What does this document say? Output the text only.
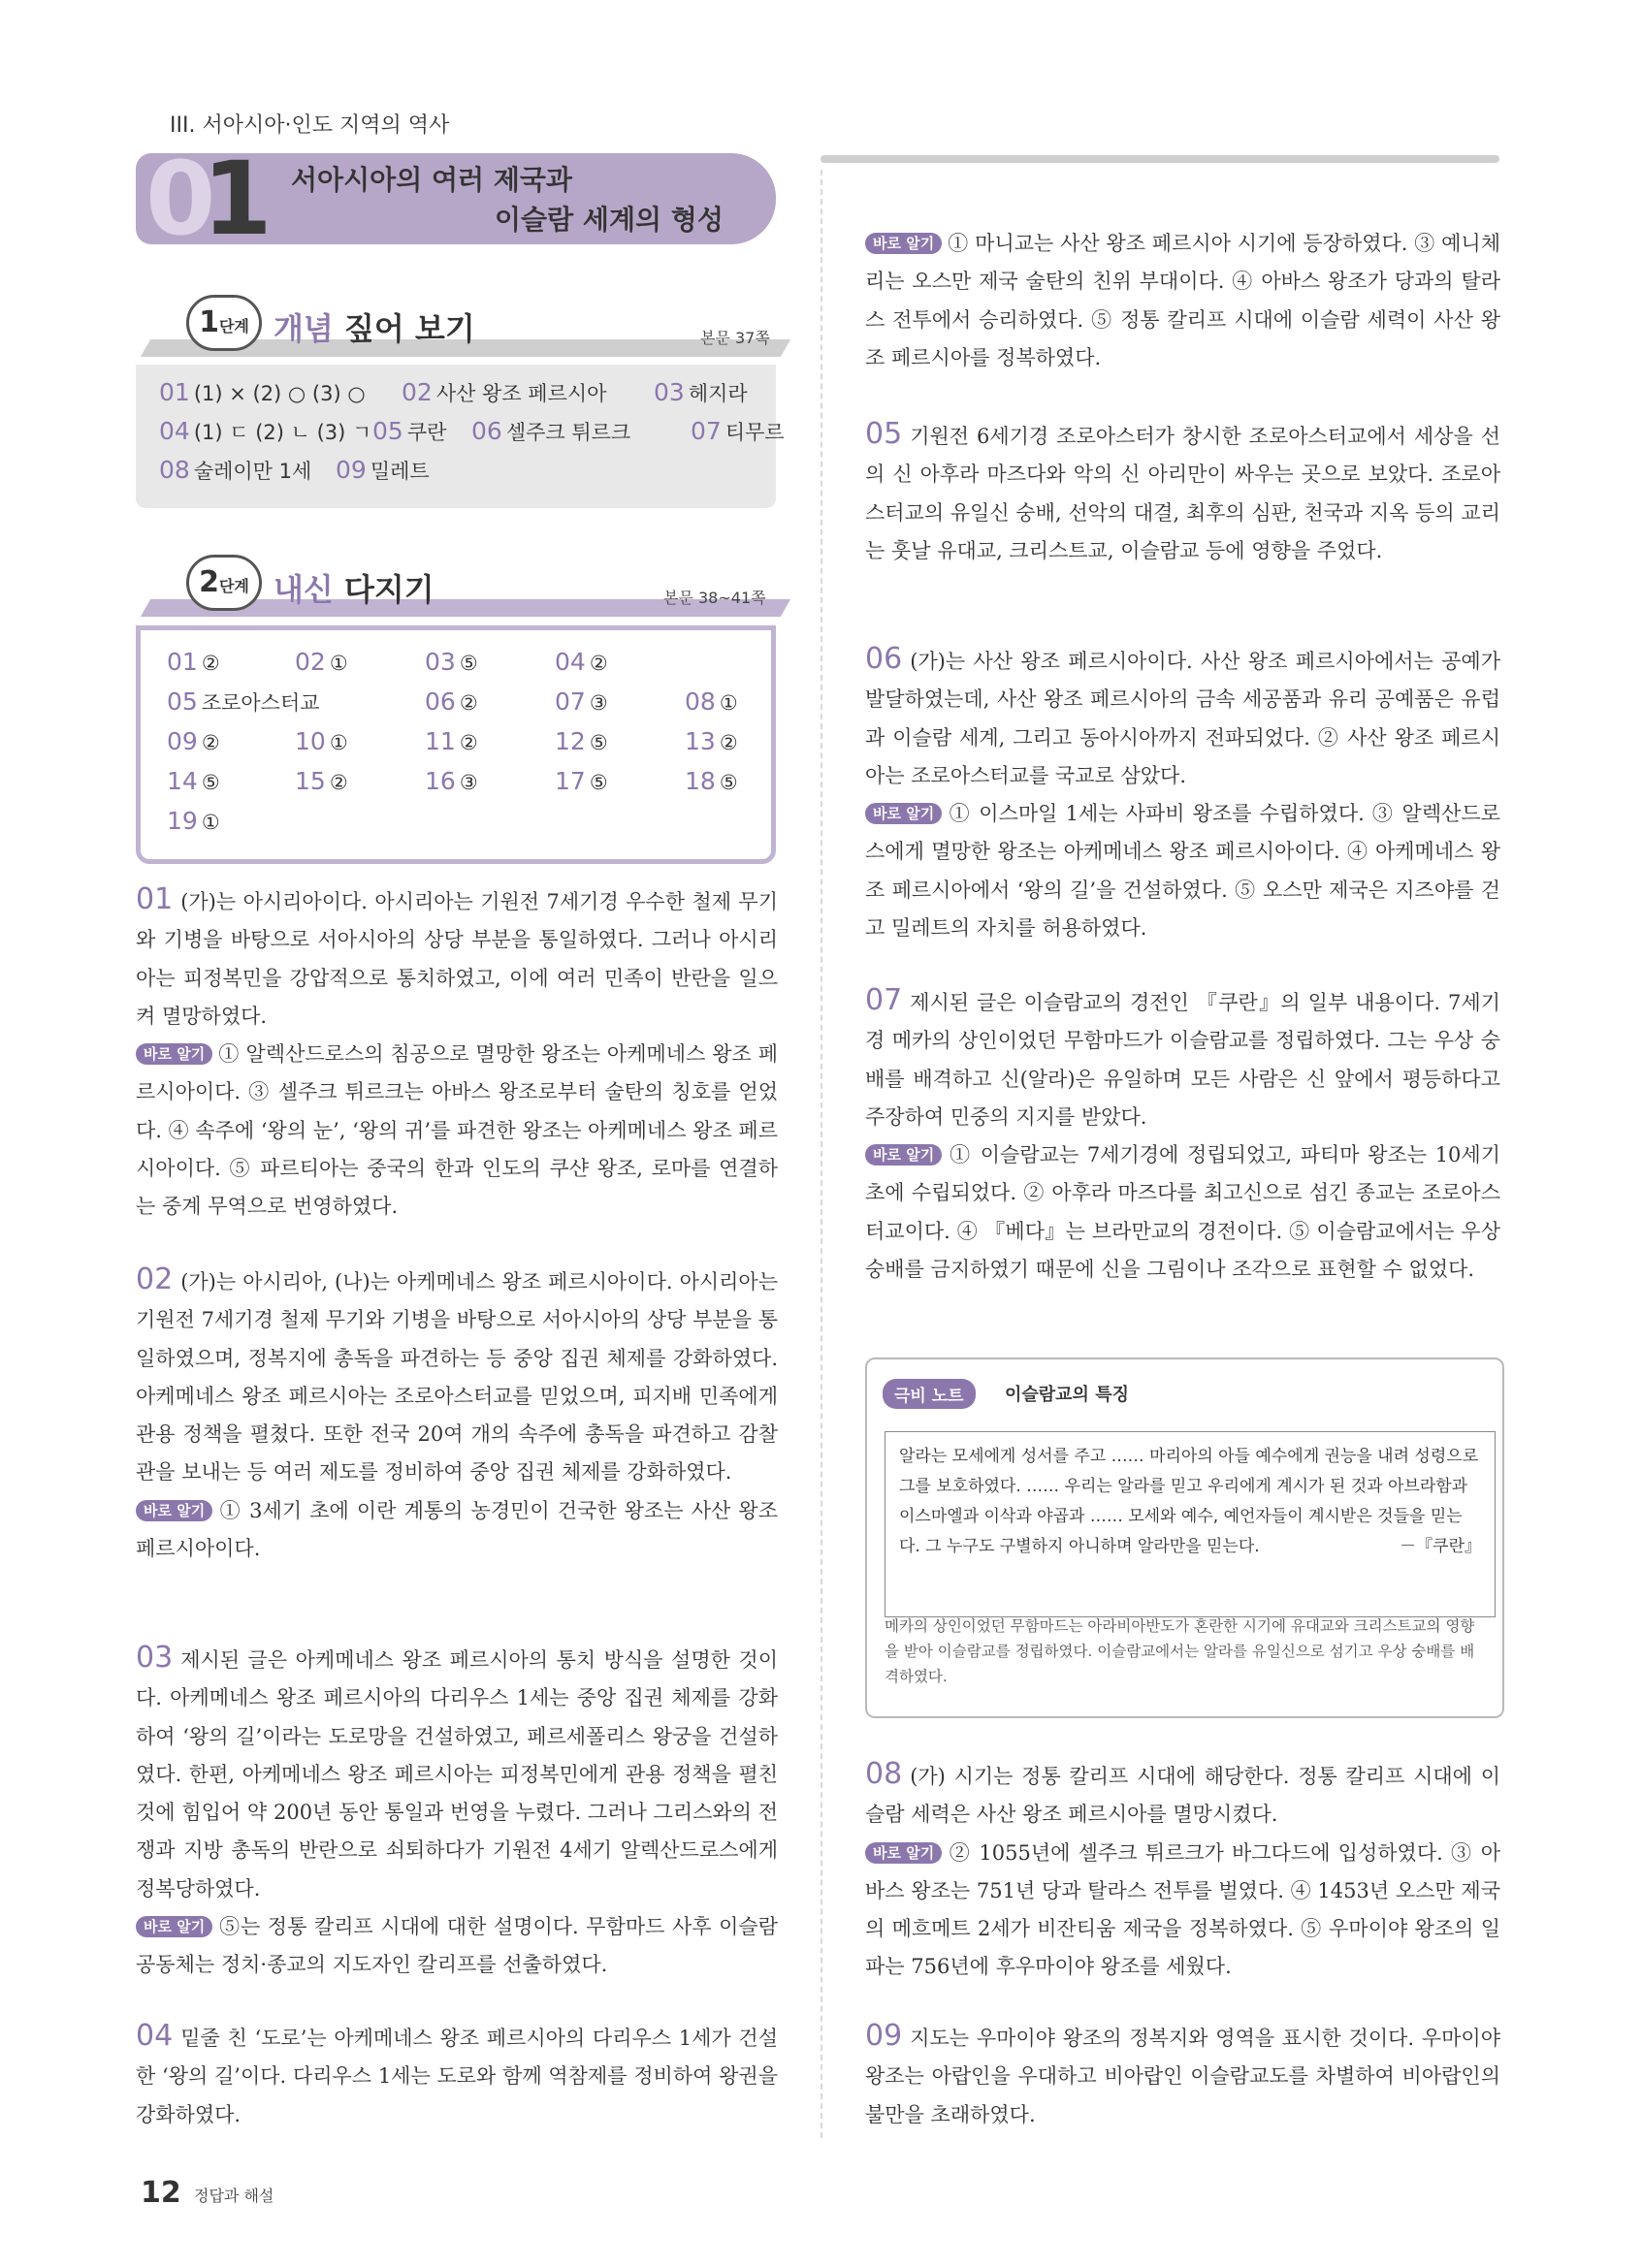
III. 서아시아·인도 지역의 역사
01 서아시아의 여러 제국과
이슬람 세계의 형성
1단계 개념 짚어 보기	본문 37쪽
2단계 내신 다지기	본문 38~41쪽
01 (가)는 아시리아이다. 아시리아는 기원전 7세기경 우수한 철제 무기와 기병을 바탕으로 서아시아의 상당 부분을 통일하였다. 그러나 아시리아는 피정복민을 강압적으로 통치하였고, 이에 여러 민족이 반란을 일으켜 멸망하였다.
바로 알기 ① 알렉산드로스의 침공으로 멸망한 왕조는 아케메네스 왕조 페르시아이다. ③ 셀주크 튀르크는 아바스 왕조로부터 술탄의 칭호를 얻었다. ④ 속주에 ‘왕의 눈’, ‘왕의 귀’를 파견한 왕조는 아케메네스 왕조 페르시아이다. ⑤ 파르티아는 중국의 한과 인도의 쿠샨 왕조, 로마를 연결하는 중계 무역으로 번영하였다.
02 (가)는 아시리아, (나)는 아케메네스 왕조 페르시아이다. 아시리아는 기원전 7세기경 철제 무기와 기병을 바탕으로 서아시아의 상당 부분을 통일하였으며, 정복지에 총독을 파견하는 등 중앙 집권 체제를 강화하였다. 아케메네스 왕조 페르시아는 조로아스터교를 믿었으며, 피지배 민족에게 관용 정책을 펼쳤다. 또한 전국 20여 개의 속주에 총독을 파견하고 감찰관을 보내는 등 여러 제도를 정비하여 중앙 집권 체제를 강화하였다.
바로 알기 ① 3세기 초에 이란 계통의 농경민이 건국한 왕조는 사산 왕조 페르시아이다.
03 제시된 글은 아케메네스 왕조 페르시아의 통치 방식을 설명한 것이다. 아케메네스 왕조 페르시아의 다리우스 1세는 중앙 집권 체제를 강화하여 ‘왕의 길’이라는 도로망을 건설하였고, 페르세폴리스 왕궁을 건설하였다. 한편, 아케메네스 왕조 페르시아는 피정복민에게 관용 정책을 펼친 것에 힘입어 약 200년 동안 통일과 번영을 누렸다. 그러나 그리스와의 전쟁과 지방 총독의 반란으로 쇠퇴하다가 기원전 4세기 알렉산드로스에게 정복당하였다.
바로 알기 ⑤는 정통 칼리프 시대에 대한 설명이다. 무함마드 사후 이슬람 공동체는 정치·종교의 지도자인 칼리프를 선출하였다.
04 밑줄 친 ‘도로’는 아케메네스 왕조 페르시아의 다리우스 1세가 건설한 ‘왕의 길’이다. 다리우스 1세는 도로와 함께 역참제를 정비하여 왕권을 강화하였다.
바로 알기 ① 마니교는 사산 왕조 페르시아 시기에 등장하였다. ③ 예니체리는 오스만 제국 술탄의 친위 부대이다. ④ 아바스 왕조가 당과의 탈라스 전투에서 승리하였다. ⑤ 정통 칼리프 시대에 이슬람 세력이 사산 왕조 페르시아를 정복하였다.
05 기원전 6세기경 조로아스터가 창시한 조로아스터교에서 세상을 선의 신 아후라 마즈다와 악의 신 아리만이 싸우는 곳으로 보았다. 조로아스터교의 유일신 숭배, 선악의 대결, 최후의 심판, 천국과 지옥 등의 교리는 훗날 유대교, 크리스트교, 이슬람교 등에 영향을 주었다.
06 (가)는 사산 왕조 페르시아이다. 사산 왕조 페르시아에서는 공예가 발달하였는데, 사산 왕조 페르시아의 금속 세공품과 유리 공예품은 유럽과 이슬람 세계, 그리고 동아시아까지 전파되었다. ② 사산 왕조 페르시아는 조로아스터교를 국교로 삼았다.
바로 알기 ① 이스마일 1세는 사파비 왕조를 수립하였다. ③ 알렉산드로스에게 멸망한 왕조는 아케메네스 왕조 페르시아이다. ④ 아케메네스 왕조 페르시아에서 ‘왕의 길’을 건설하였다. ⑤ 오스만 제국은 지즈야를 걷고 밀레트의 자치를 허용하였다.
07 제시된 글은 이슬람교의 경전인 『쿠란』의 일부 내용이다. 7세기경 메카의 상인이었던 무함마드가 이슬람교를 정립하였다. 그는 우상 숭배를 배격하고 신(알라)은 유일하며 모든 사람은 신 앞에서 평등하다고 주장하여 민중의 지지를 받았다.
바로 알기 ① 이슬람교는 7세기경에 정립되었고, 파티마 왕조는 10세기 초에 수립되었다. ② 아후라 마즈다를 최고신으로 섬긴 종교는 조로아스터교이다. ④ 『베다』는 브라만교의 경전이다. ⑤ 이슬람교에서는 우상 숭배를 금지하였기 때문에 신을 그림이나 조각으로 표현할 수 없었다.
극비 노트	이슬람교의 특징
알라는 모세에게 성서를 주고 …… 마리아의 아들 예수에게 권능을 내려 성령으로 그를 보호하였다. …… 우리는 알라를 믿고 우리에게 계시가 된 것과 아브라함과 이스마엘과 이삭과 야곱과 …… 모세와 예수, 예언자들이 계시받은 것들을 믿는다. 그 누구도 구별하지 아니하며 알라만을 믿는다.	－『쿠란』
메카의 상인이었던 무함마드는 아라비아반도가 혼란한 시기에 유대교와 크리스트교의 영향을 받아 이슬람교를 정립하였다. 이슬람교에서는 알라를 유일신으로 섬기고 우상 숭배를 배격하였다.
08 (가) 시기는 정통 칼리프 시대에 해당한다. 정통 칼리프 시대에 이슬람 세력은 사산 왕조 페르시아를 멸망시켰다.
바로 알기 ② 1055년에 셀주크 튀르크가 바그다드에 입성하였다. ③ 아바스 왕조는 751년 당과 탈라스 전투를 벌였다. ④ 1453년 오스만 제국의 메흐메트 2세가 비잔티움 제국을 정복하였다. ⑤ 우마이야 왕조의 일파는 756년에 후우마이야 왕조를 세웠다.
09 지도는 우마이야 왕조의 정복지와 영역을 표시한 것이다. 우마이야 왕조는 아랍인을 우대하고 비아랍인 이슬람교도를 차별하여 비아랍인의 불만을 초래하였다.
12 정답과 해설
01 (1) × (2) ○ (3) ○ 02 사산 왕조 페르시아 03 헤지라
04 (1) ㄷ (2) ㄴ (3) ㄱ 05 쿠란 06 셀주크 튀르크 07 티무르
08 술레이만 1세 09 밀레트
01 ②	02 ①	03 ⑤	04 ②
05 조로아스터교	06 ②	07 ③	08 ①
09 ②	10 ①	11 ②	12 ⑤	13 ②
14 ⑤	15 ②	16 ③	17 ⑤	18 ⑤
19 ①
